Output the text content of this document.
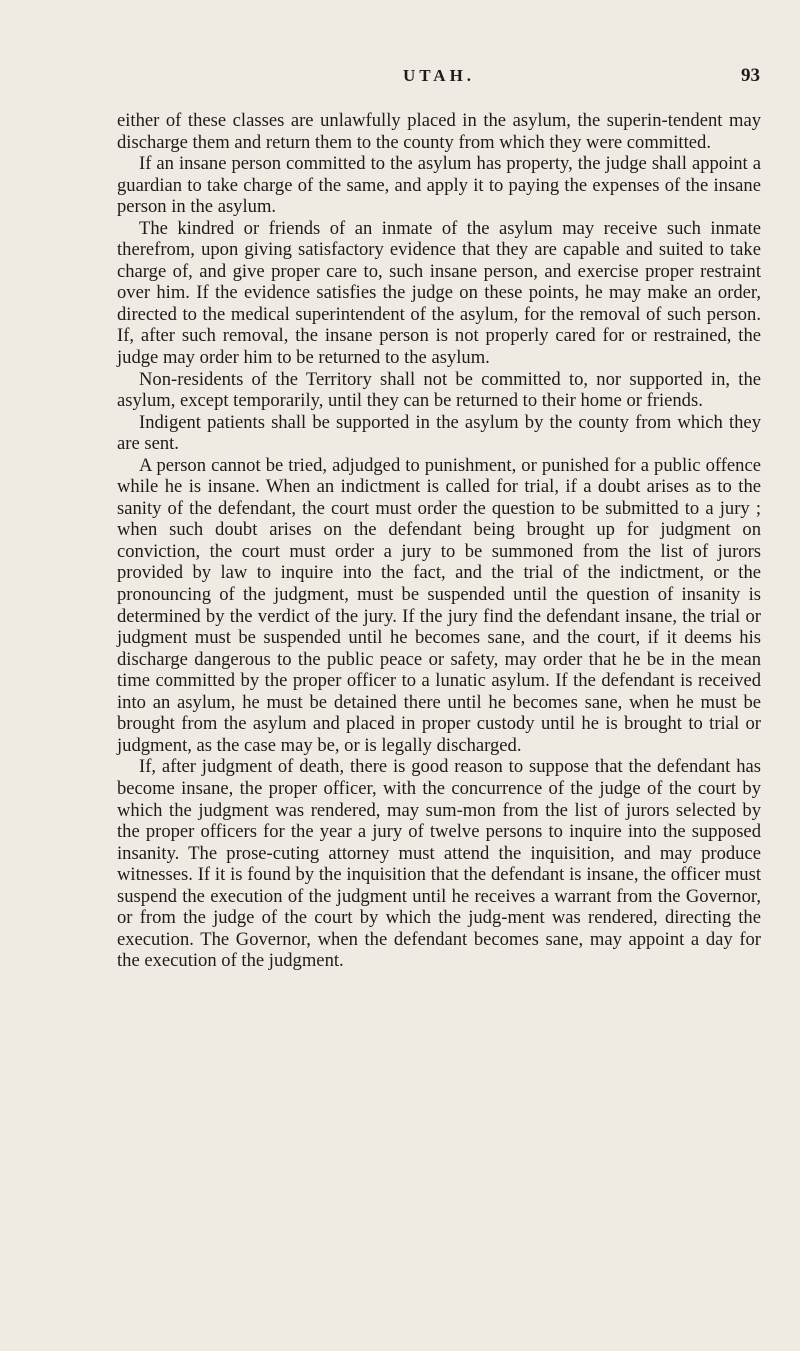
UTAH.	93

either of these classes are unlawfully placed in the asylum, the superin-tendent may discharge them and return them to the county from which they were committed.

If an insane person committed to the asylum has property, the judge shall appoint a guardian to take charge of the same, and apply it to paying the expenses of the insane person in the asylum.

The kindred or friends of an inmate of the asylum may receive such inmate therefrom, upon giving satisfactory evidence that they are capable and suited to take charge of, and give proper care to, such insane person, and exercise proper restraint over him. If the evidence satisfies the judge on these points, he may make an order, directed to the medical superintendent of the asylum, for the removal of such person. If, after such removal, the insane person is not properly cared for or restrained, the judge may order him to be returned to the asylum.

Non-residents of the Territory shall not be committed to, nor supported in, the asylum, except temporarily, until they can be returned to their home or friends.

Indigent patients shall be supported in the asylum by the county from which they are sent.

A person cannot be tried, adjudged to punishment, or punished for a public offence while he is insane. When an indictment is called for trial, if a doubt arises as to the sanity of the defendant, the court must order the question to be submitted to a jury ; when such doubt arises on the defendant being brought up for judgment on conviction, the court must order a jury to be summoned from the list of jurors provided by law to inquire into the fact, and the trial of the indictment, or the pronouncing of the judgment, must be suspended until the question of insanity is determined by the verdict of the jury. If the jury find the defendant insane, the trial or judgment must be suspended until he becomes sane, and the court, if it deems his discharge dangerous to the public peace or safety, may order that he be in the mean time committed by the proper officer to a lunatic asylum. If the defendant is received into an asylum, he must be detained there until he becomes sane, when he must be brought from the asylum and placed in proper custody until he is brought to trial or judgment, as the case may be, or is legally discharged.

If, after judgment of death, there is good reason to suppose that the defendant has become insane, the proper officer, with the concurrence of the judge of the court by which the judgment was rendered, may sum-mon from the list of jurors selected by the proper officers for the year a jury of twelve persons to inquire into the supposed insanity. The prose-cuting attorney must attend the inquisition, and may produce witnesses. If it is found by the inquisition that the defendant is insane, the officer must suspend the execution of the judgment until he receives a warrant from the Governor, or from the judge of the court by which the judg-ment was rendered, directing the execution. The Governor, when the defendant becomes sane, may appoint a day for the execution of the judgment.
